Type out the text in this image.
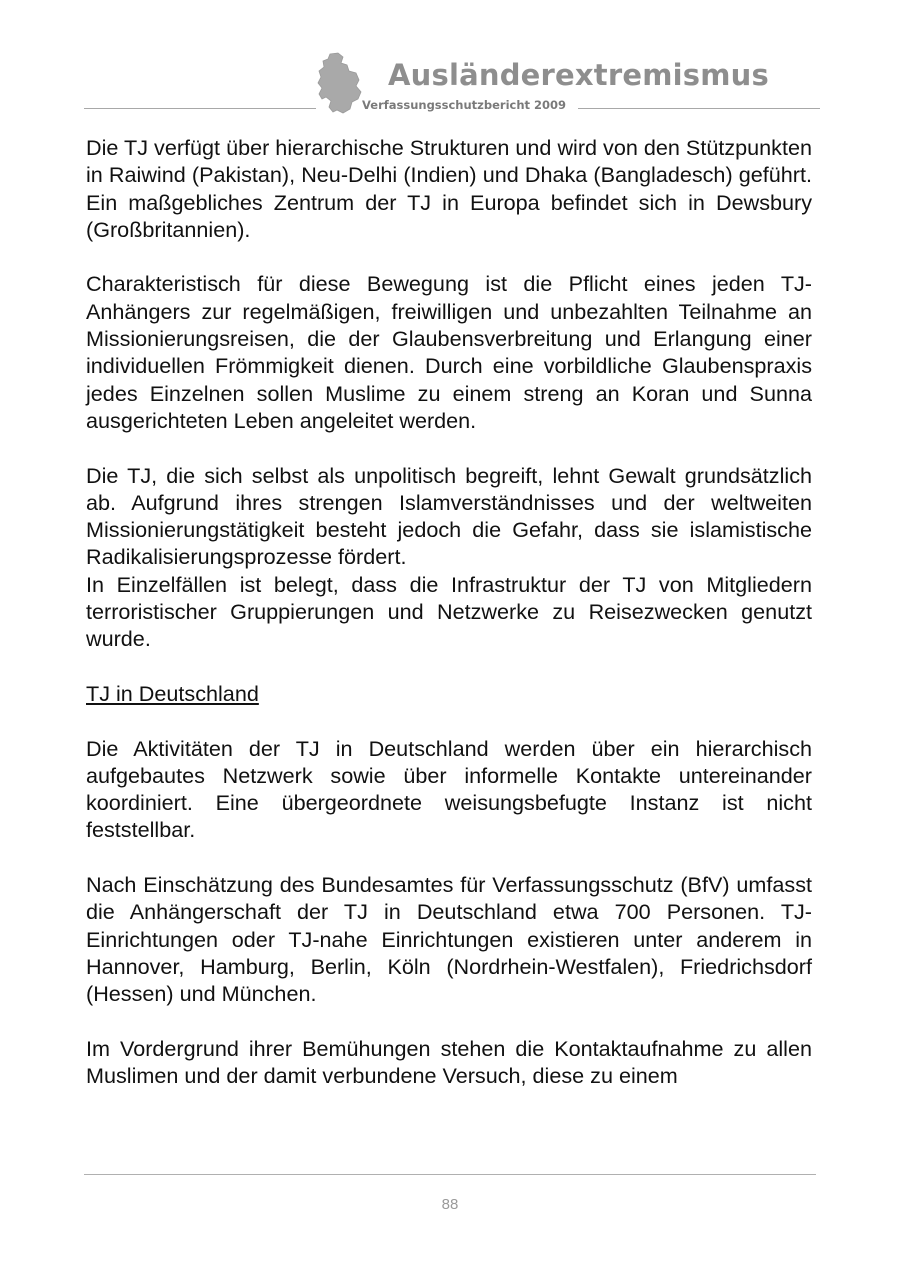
Ausländerextremismus
Verfassungsschutzbericht 2009

Die TJ verfügt über hierarchische Strukturen und wird von den Stützpunkten in Raiwind (Pakistan), Neu-Delhi (Indien) und Dhaka (Bangladesch) geführt. Ein maßgebliches Zentrum der TJ in Europa befindet sich in Dewsbury (Großbritannien).

Charakteristisch für diese Bewegung ist die Pflicht eines jeden TJ-Anhängers zur regelmäßigen, freiwilligen und unbezahlten Teilnahme an Missionierungsreisen, die der Glaubensverbreitung und Erlangung einer individuellen Frömmigkeit dienen. Durch eine vorbildliche Glaubenspraxis jedes Einzelnen sollen Muslime zu einem streng an Koran und Sunna ausgerichteten Leben angeleitet werden.

Die TJ, die sich selbst als unpolitisch begreift, lehnt Gewalt grundsätzlich ab. Aufgrund ihres strengen Islamverständnisses und der weltweiten Missionierungstätigkeit besteht jedoch die Gefahr, dass sie islamistische Radikalisierungsprozesse fördert.

In Einzelfällen ist belegt, dass die Infrastruktur der TJ von Mitgliedern terroristischer Gruppierungen und Netzwerke zu Reisezwecken genutzt wurde.

TJ in Deutschland

Die Aktivitäten der TJ in Deutschland werden über ein hierarchisch aufgebautes Netzwerk sowie über informelle Kontakte untereinander koordiniert. Eine übergeordnete weisungsbefugte Instanz ist nicht feststellbar.

Nach Einschätzung des Bundesamtes für Verfassungsschutz (BfV) umfasst die Anhängerschaft der TJ in Deutschland etwa 700 Personen. TJ-Einrichtungen oder TJ-nahe Einrichtungen existieren unter anderem in Hannover, Hamburg, Berlin, Köln (Nordrhein-Westfalen), Friedrichsdorf (Hessen) und München.

Im Vordergrund ihrer Bemühungen stehen die Kontaktaufnahme zu allen Muslimen und der damit verbundene Versuch, diese zu einem

88
